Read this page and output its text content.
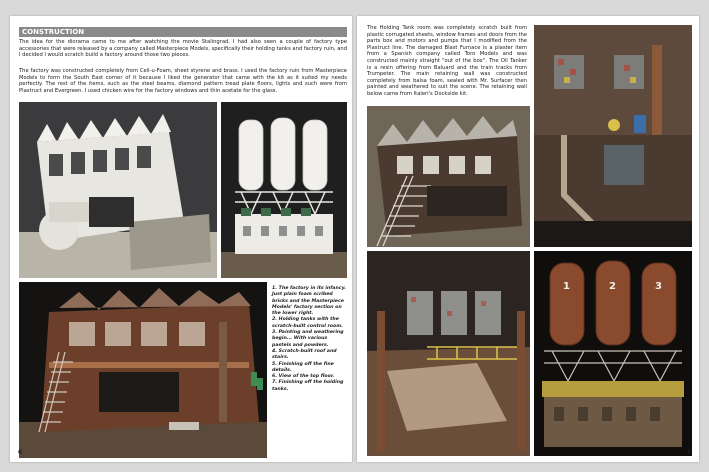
CONSTRUCTION

The idea for the diorama came to me after watching the movie Stalingrad. I had also seen a couple of factory type accessories that were released by a company called Masterpiece Models, specifically their holding tanks and factory ruin, and I decided I would scratch build a factory around those two pieces.

The factory was constructed completely from Cell-u-Foam, sheet styrene and brass. I used the factory ruin from Masterpiece Models to form the South East corner of it because I liked the generator that came with the kit as it suited my needs perfectly. The rest of the items, such as the steel beams, diamond pattern tread plate floors, lights and such were from Plastruct and Evergreen. I used chicken wire for the factory windows and thin acetate for the glass.

1. The factory in its infancy.
Just plain foam scribed
bricks and the Masterpiece
Models' factory section on
the lower right.
2. Holding tanks with the
scratch-built control room.
3. Painting and weathering
begin... With various
pastels and powders.
4. Scratch-built roof and
stairs.
5. Finishing off the fine
details.
6. View of the top floor.
7. Finishing off the holding
tanks.
6

The Holding Tank room was completely scratch built from plastic corrugated sheets, window frames and doors from the parts box and motors and pumps that I modified from the Plastruct line. The damaged Blast Furnace is a plaster item from a Spanish company called Toro Models and was constructed mainly straight "out of the box". The Oil Tanker is a resin offering from Baluard and the train tracks from Trumpeter. The main retaining wall was constructed completely from balsa foam, sealed with Mr. Surfacer then painted and weathered to suit the scene. The retaining wall below came from Italeri's Dockside kit.

1	2	3
7
